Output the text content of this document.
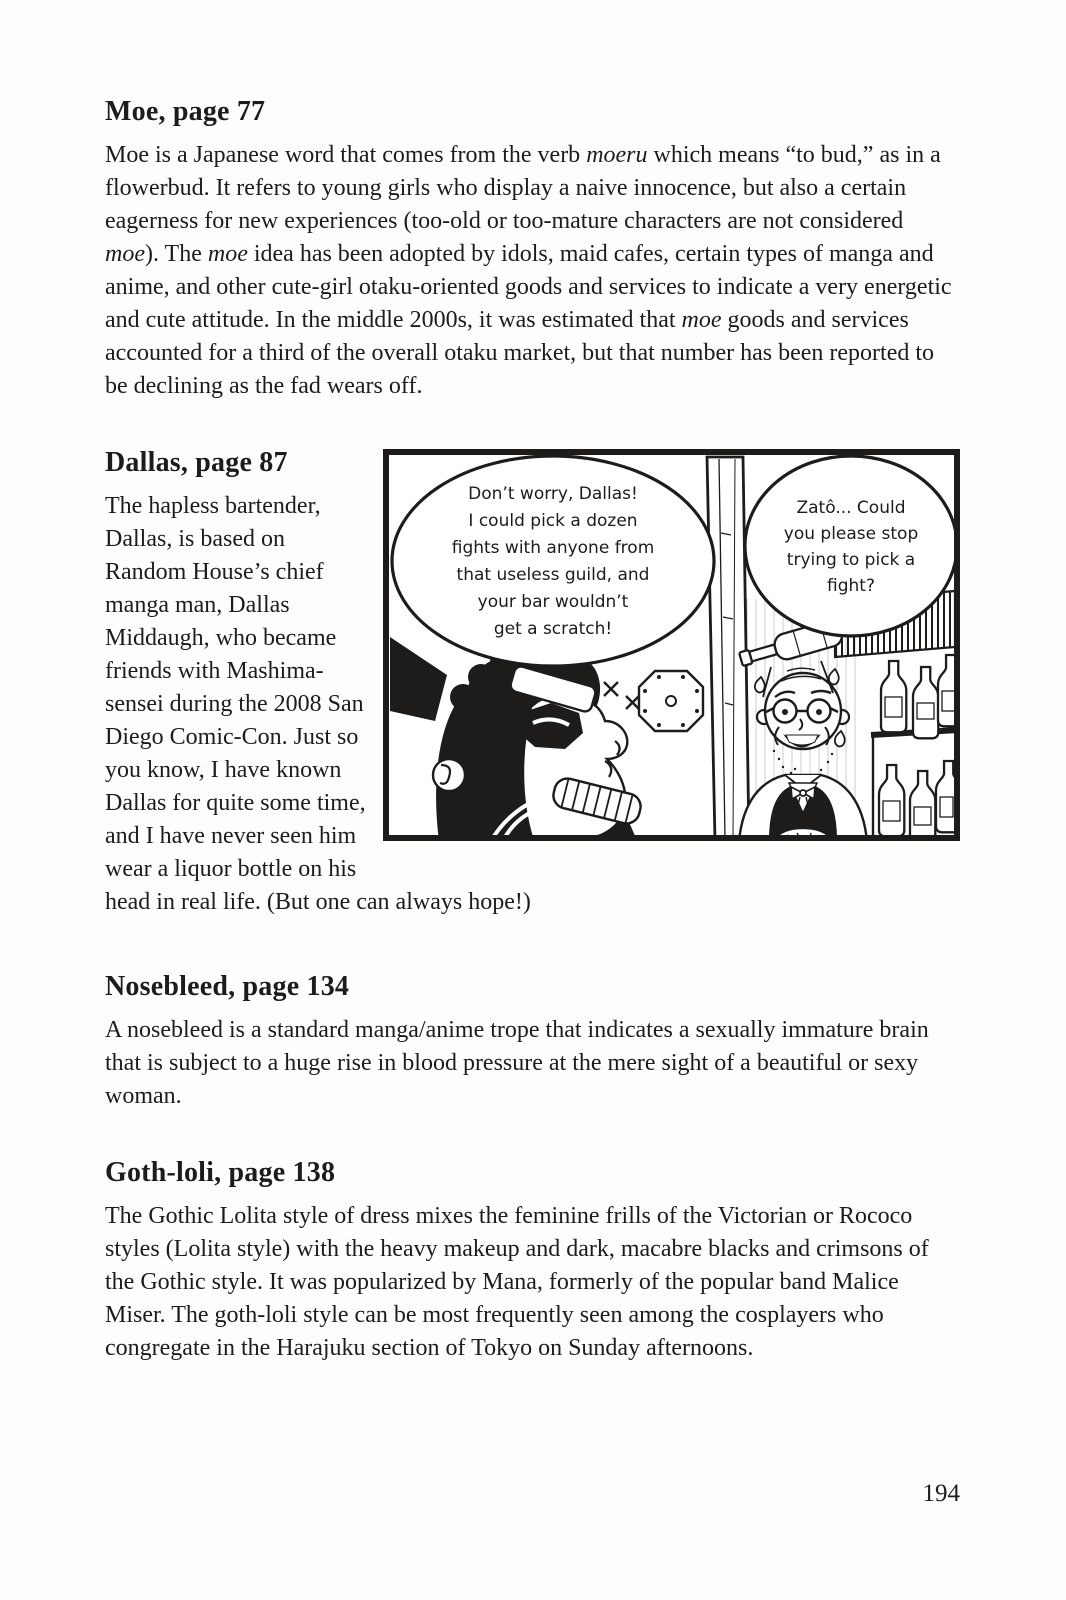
Moe, page 77

Moe is a Japanese word that comes from the verb moeru which means “to bud,” as in a flowerbud. It refers to young girls who display a naive innocence, but also a certain eagerness for new experiences (too-old or too-mature characters are not considered moe). The moe idea has been adopted by idols, maid cafes, certain types of manga and anime, and other cute-girl otaku-oriented goods and services to indicate a very energetic and cute attitude. In the middle 2000s, it was estimated that moe goods and services accounted for a third of the overall otaku market, but that number has been reported to be declining as the fad wears off.

Don’t worry, Dallas!
I could pick a dozen
fights with anyone from
that useless guild, and
your bar wouldn’t
get a scratch!
Zatô... Could
you please stop
trying to pick a
fight?
Dallas, page 87

The hapless bartender, Dallas, is based on Random House’s chief manga man, Dallas Middaugh, who became friends with Mashima-sensei during the 2008 San Diego Comic-Con. Just so you know, I have known Dallas for quite some time, and I have never seen him wear a liquor bottle on his head in real life. (But one can always hope!)

Nosebleed, page 134

A nosebleed is a standard manga/anime trope that indicates a sexually immature brain that is subject to a huge rise in blood pressure at the mere sight of a beautiful or sexy woman.

Goth-loli, page 138

The Gothic Lolita style of dress mixes the feminine frills of the Victorian or Rococo styles (Lolita style) with the heavy makeup and dark, macabre blacks and crimsons of the Gothic style. It was popularized by Mana, formerly of the popular band Malice Miser. The goth-loli style can be most frequently seen among the cosplayers who congregate in the Harajuku section of Tokyo on Sunday afternoons.

194
